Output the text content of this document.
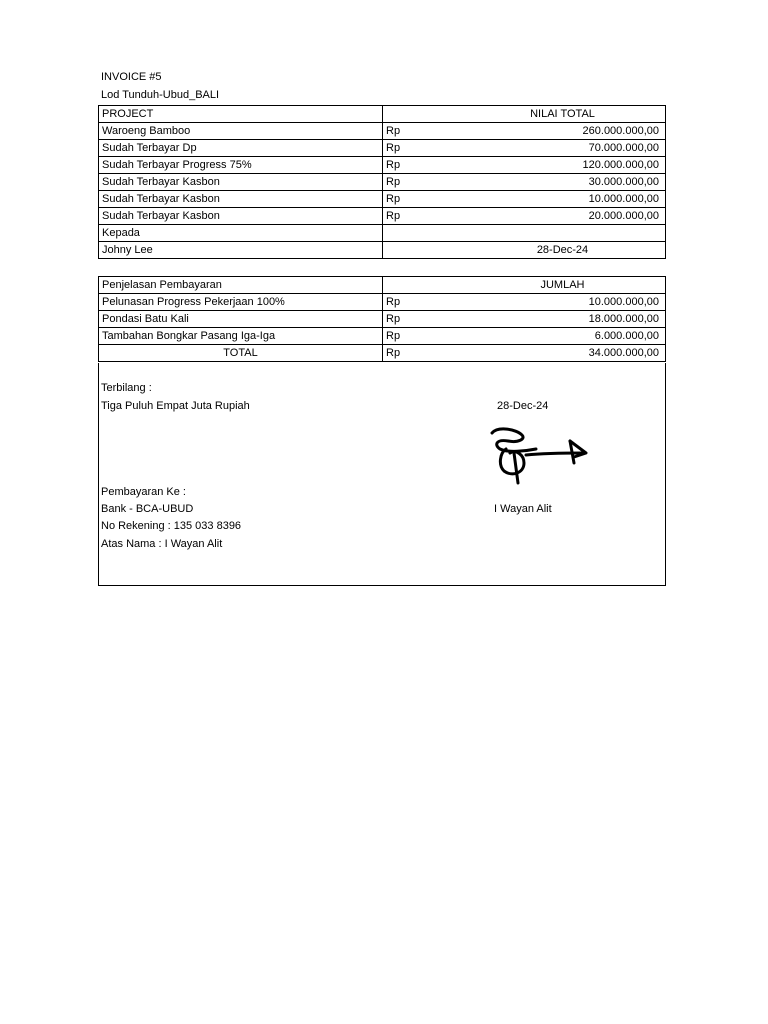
INVOICE #5
Lod Tunduh-Ubud_BALI
PROJECT	NILAI TOTAL	
Waroeng Bamboo	Rp	260.000.000,00
Sudah Terbayar Dp	Rp	70.000.000,00
Sudah Terbayar Progress 75%	Rp	120.000.000,00
Sudah Terbayar Kasbon	Rp	30.000.000,00
Sudah Terbayar Kasbon	Rp	10.000.000,00
Sudah Terbayar Kasbon	Rp	20.000.000,00
Kepada		
Johny Lee	28-Dec-24	
Penjelasan Pembayaran	JUMLAH	
Pelunasan Progress Pekerjaan 100%	Rp	10.000.000,00
Pondasi Batu Kali	Rp	18.000.000,00
Tambahan Bongkar Pasang Iga-Iga	Rp	6.000.000,00
TOTAL	Rp	34.000.000,00
Terbilang :
Tiga Puluh Empat Juta Rupiah	28-Dec-24
Pembayaran Ke :
Bank - BCA-UBUD	I Wayan Alit
No Rekening : 135 033 8396
Atas Nama : I Wayan Alit
